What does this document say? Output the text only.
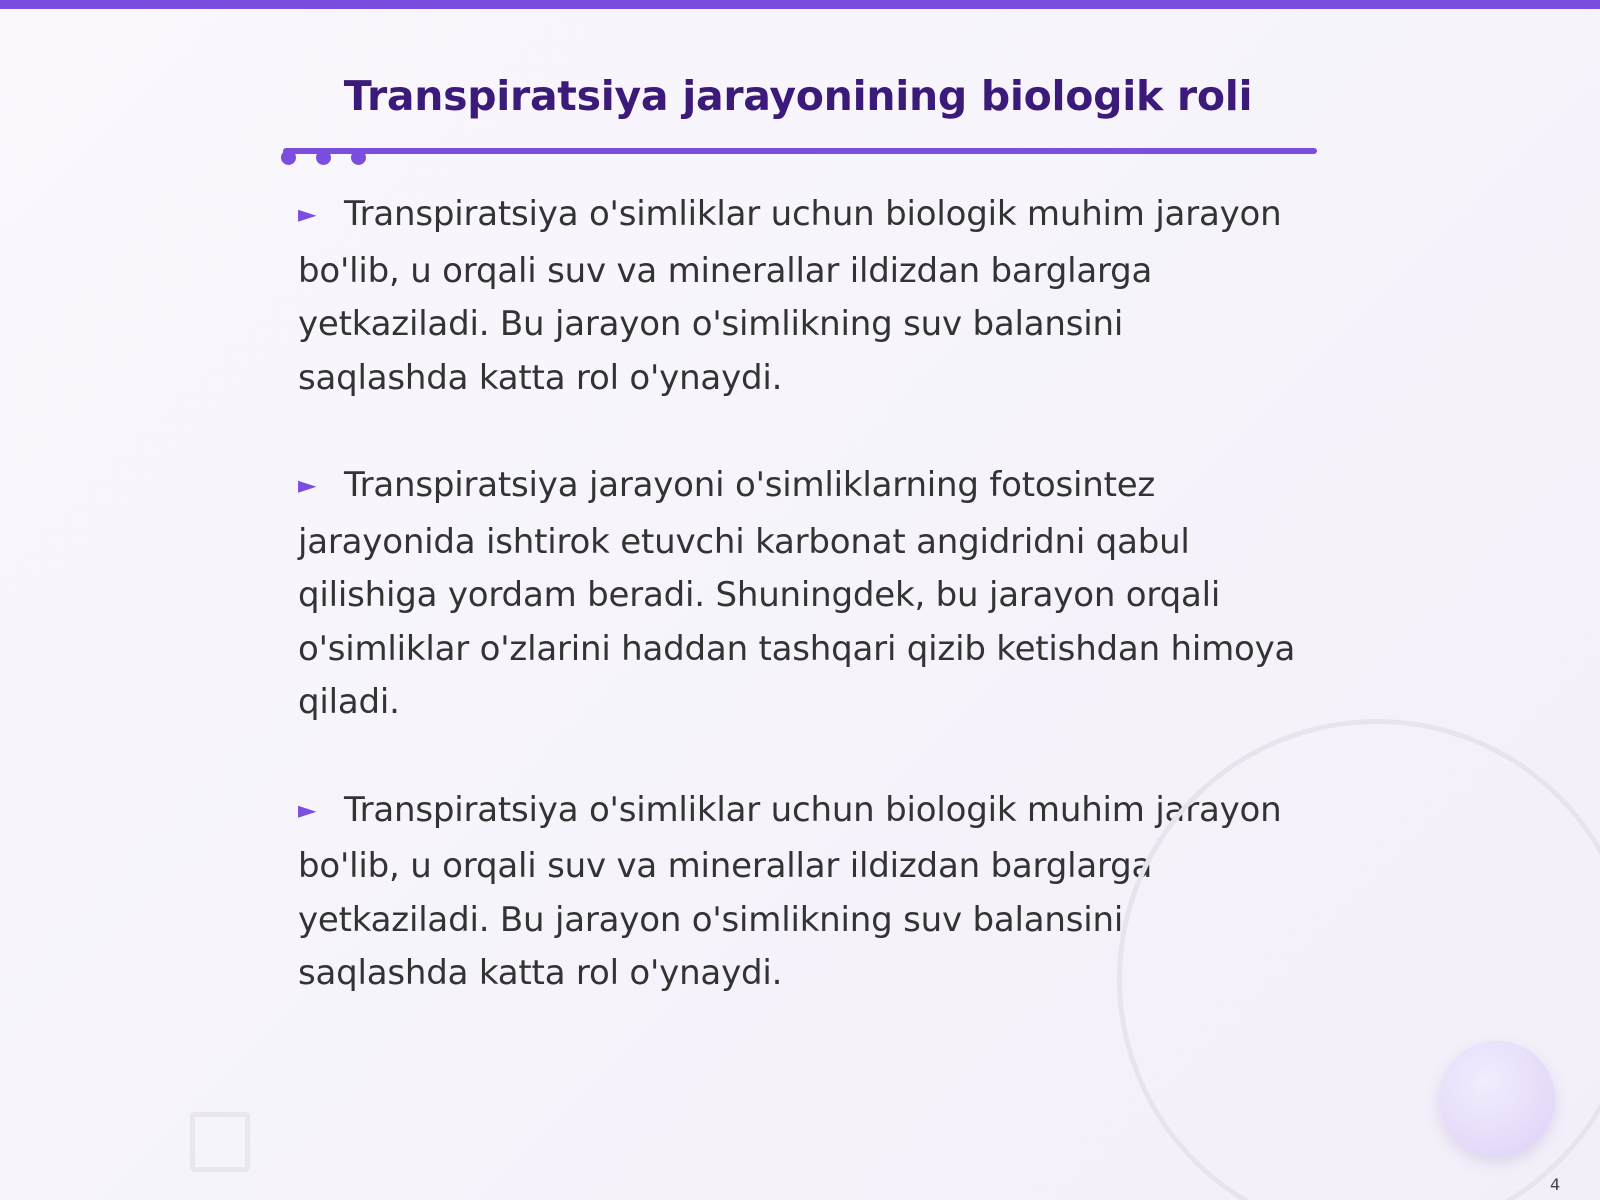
Transpiratsiya jarayonining biologik roli
► Transpiratsiya o'simliklar uchun biologik muhim jarayon bo'lib, u orqali suv va minerallar ildizdan barglarga yetkaziladi. Bu jarayon o'simlikning suv balansini saqlashda katta rol o'ynaydi.
► Transpiratsiya jarayoni o'simliklarning fotosintez jarayonida ishtirok etuvchi karbonat angidridni qabul qilishiga yordam beradi. Shuningdek, bu jarayon orqali o'simliklar o'zlarini haddan tashqari qizib ketishdan himoya qiladi.
► Transpiratsiya o'simliklar uchun biologik muhim jarayon bo'lib, u orqali suv va minerallar ildizdan barglarga yetkaziladi. Bu jarayon o'simlikning suv balansini saqlashda katta rol o'ynaydi.
4
